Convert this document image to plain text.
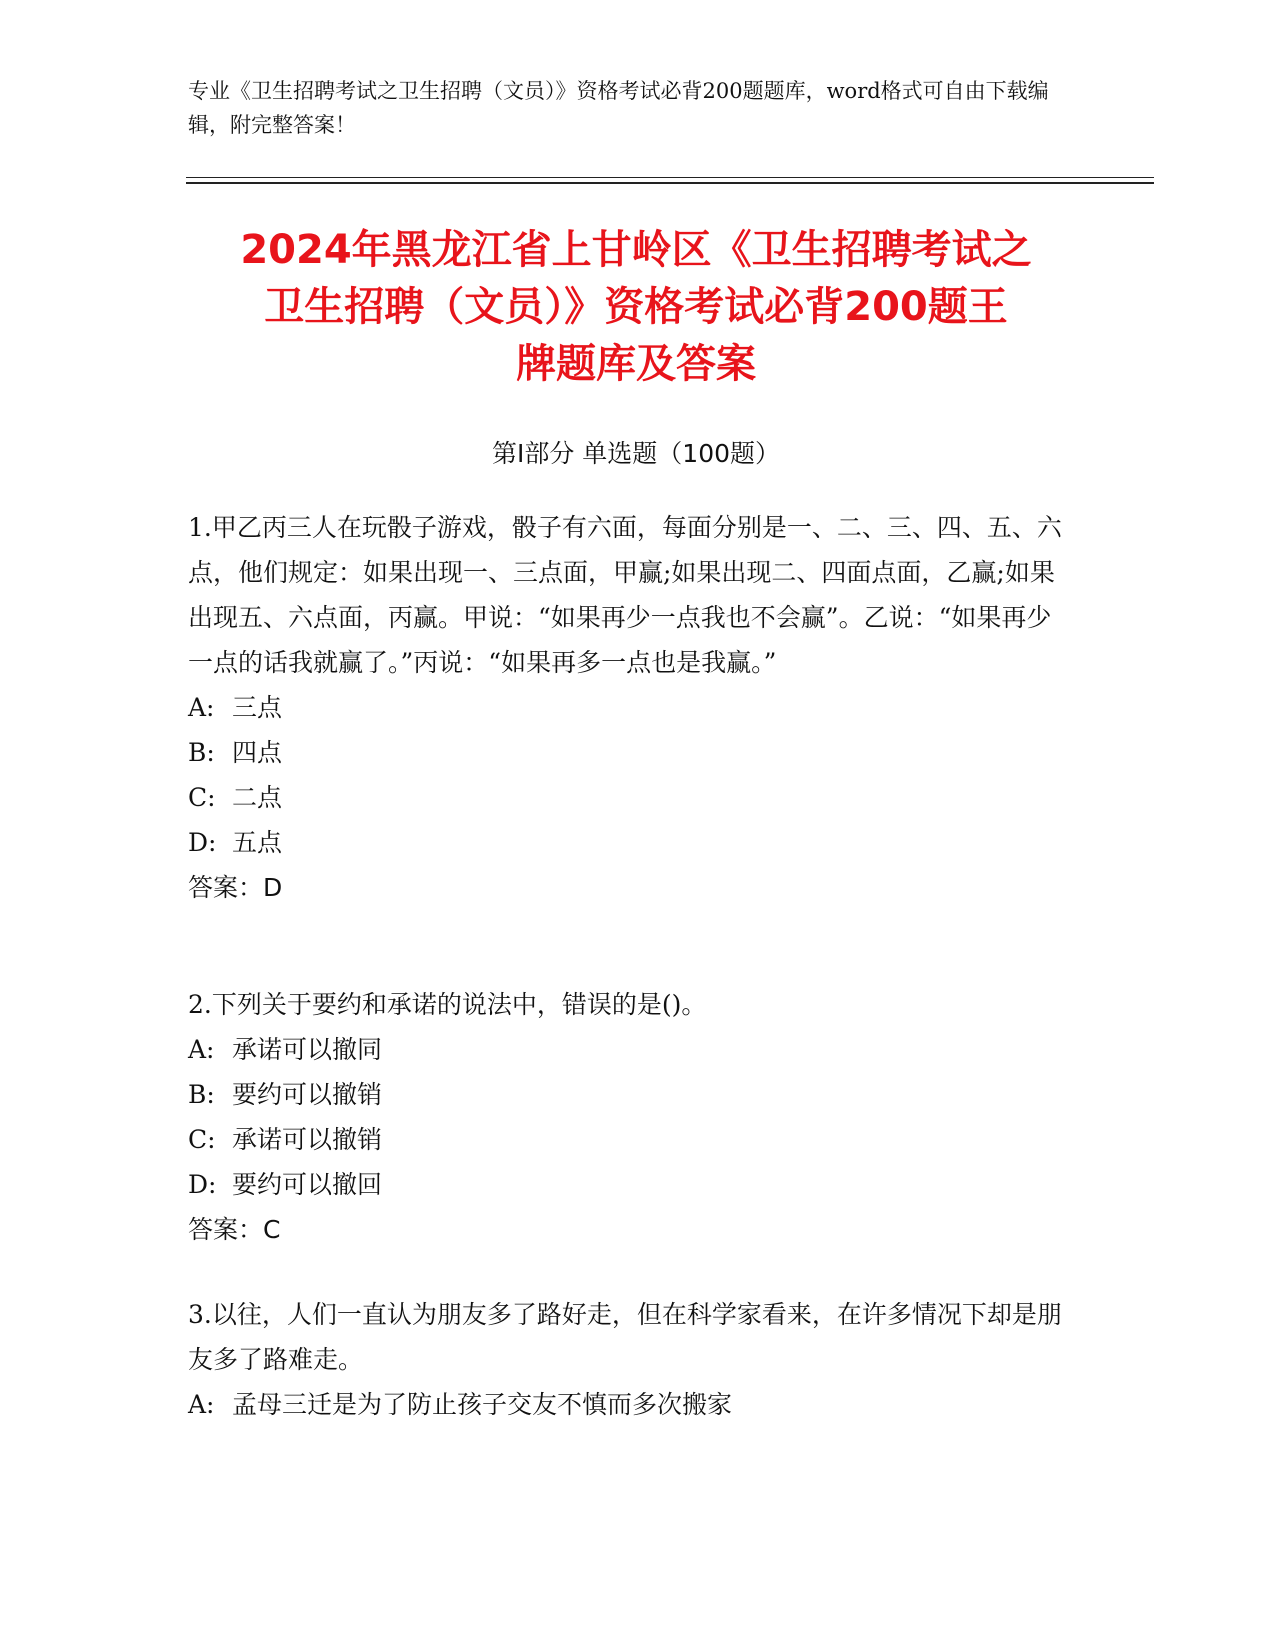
专业《卫生招聘考试之卫生招聘（文员）》资格考试必背200题题库，word格式可自由下载编辑，附完整答案！
2024年黑龙江省上甘岭区《卫生招聘考试之
卫生招聘（文员）》资格考试必背200题王
牌题库及答案
第Ⅰ部分 单选题（100题）
1.甲乙丙三人在玩骰子游戏，骰子有六面，每面分别是一、二、三、四、五、六点，他们规定：如果出现一、三点面，甲赢;如果出现二、四面点面，乙赢;如果出现五、六点面，丙赢。甲说：“如果再少一点我也不会赢”。乙说：“如果再少一点的话我就赢了。”丙说：“如果再多一点也是我赢。”
A: 三点
B: 四点
C: 二点
D: 五点
答案：D
2.下列关于要约和承诺的说法中，错误的是()。
A: 承诺可以撤同
B: 要约可以撤销
C: 承诺可以撤销
D: 要约可以撤回
答案：C
3.以往，人们一直认为朋友多了路好走，但在科学家看来，在许多情况下却是朋友多了路难走。
A: 孟母三迁是为了防止孩子交友不慎而多次搬家
